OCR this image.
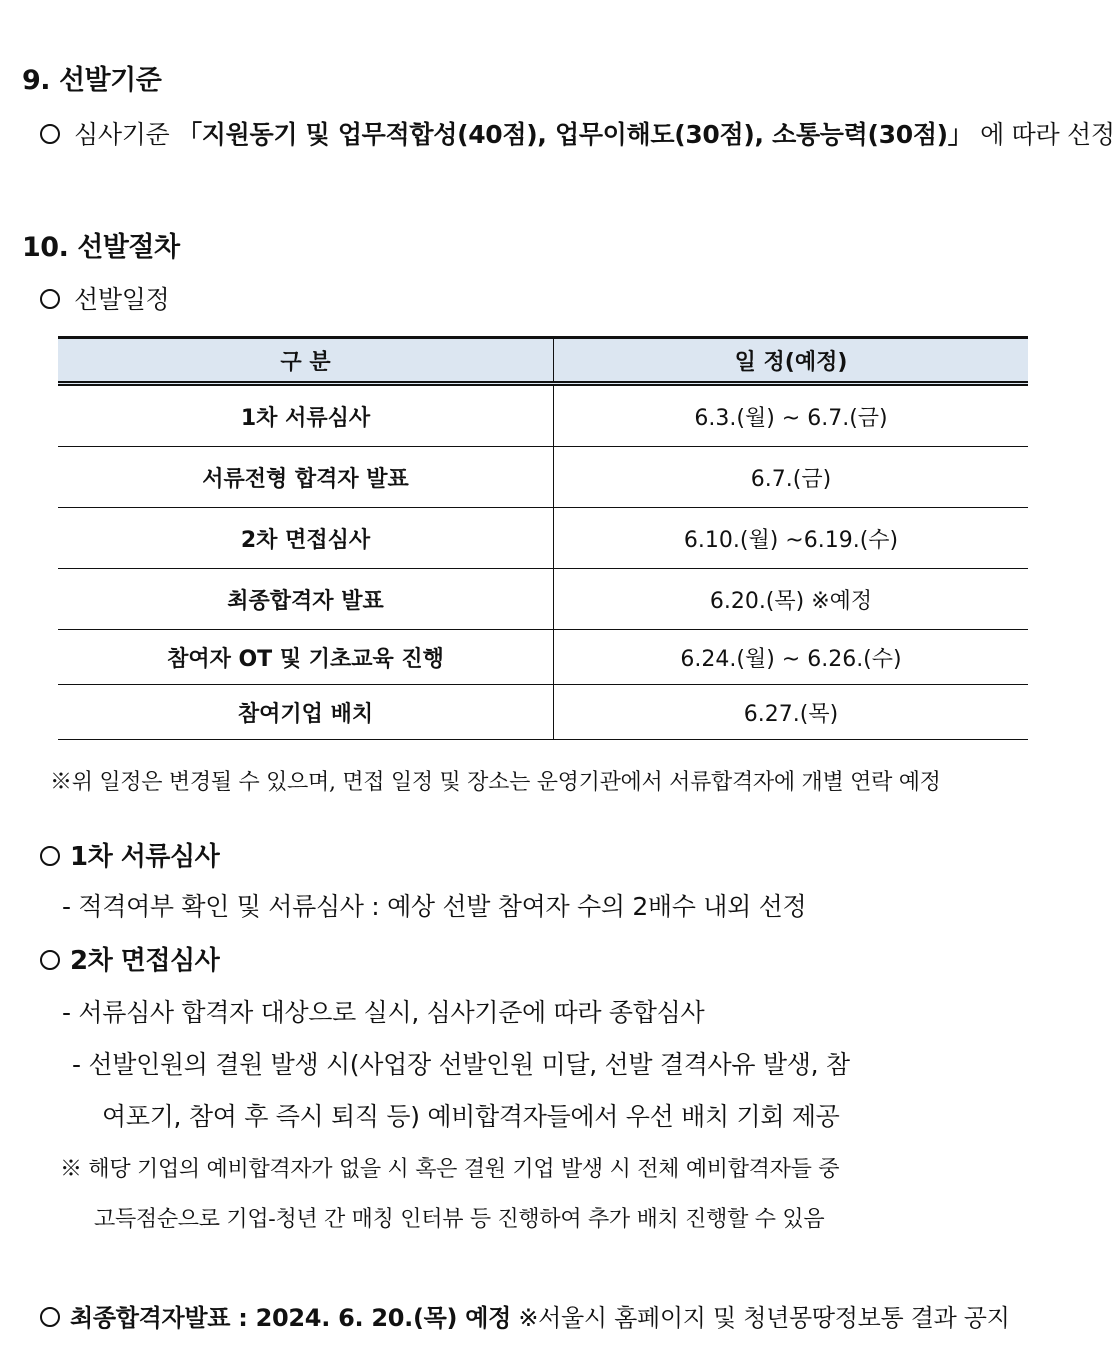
9. 선발기준
심사기준 「지원동기 및 업무적합성(40점), 업무이해도(30점), 소통능력(30점)」 에 따라 선정
10. 선발절차
선발일정
구 분	일 정(예정)
1차 서류심사	6.3.(월) ~ 6.7.(금)
서류전형 합격자 발표	6.7.(금)
2차 면접심사	6.10.(월) ~6.19.(수)
최종합격자 발표	6.20.(목) ※예정
참여자 OT 및 기초교육 진행	6.24.(월) ~ 6.26.(수)
참여기업 배치	6.27.(목)
※위 일정은 변경될 수 있으며, 면접 일정 및 장소는 운영기관에서 서류합격자에 개별 연락 예정
1차 서류심사
- 적격여부 확인 및 서류심사 : 예상 선발 참여자 수의 2배수 내외 선정
2차 면접심사
- 서류심사 합격자 대상으로 실시, 심사기준에 따라 종합심사
- 선발인원의 결원 발생 시(사업장 선발인원 미달, 선발 결격사유 발생, 참
여포기, 참여 후 즉시 퇴직 등) 예비합격자들에서 우선 배치 기회 제공
※ 해당 기업의 예비합격자가 없을 시 혹은 결원 기업 발생 시 전체 예비합격자들 중
고득점순으로 기업-청년 간 매칭 인터뷰 등 진행하여 추가 배치 진행할 수 있음
최종합격자발표 : 2024. 6. 20.(목) 예정 ※서울시 홈페이지 및 청년몽땅정보통 결과 공지
